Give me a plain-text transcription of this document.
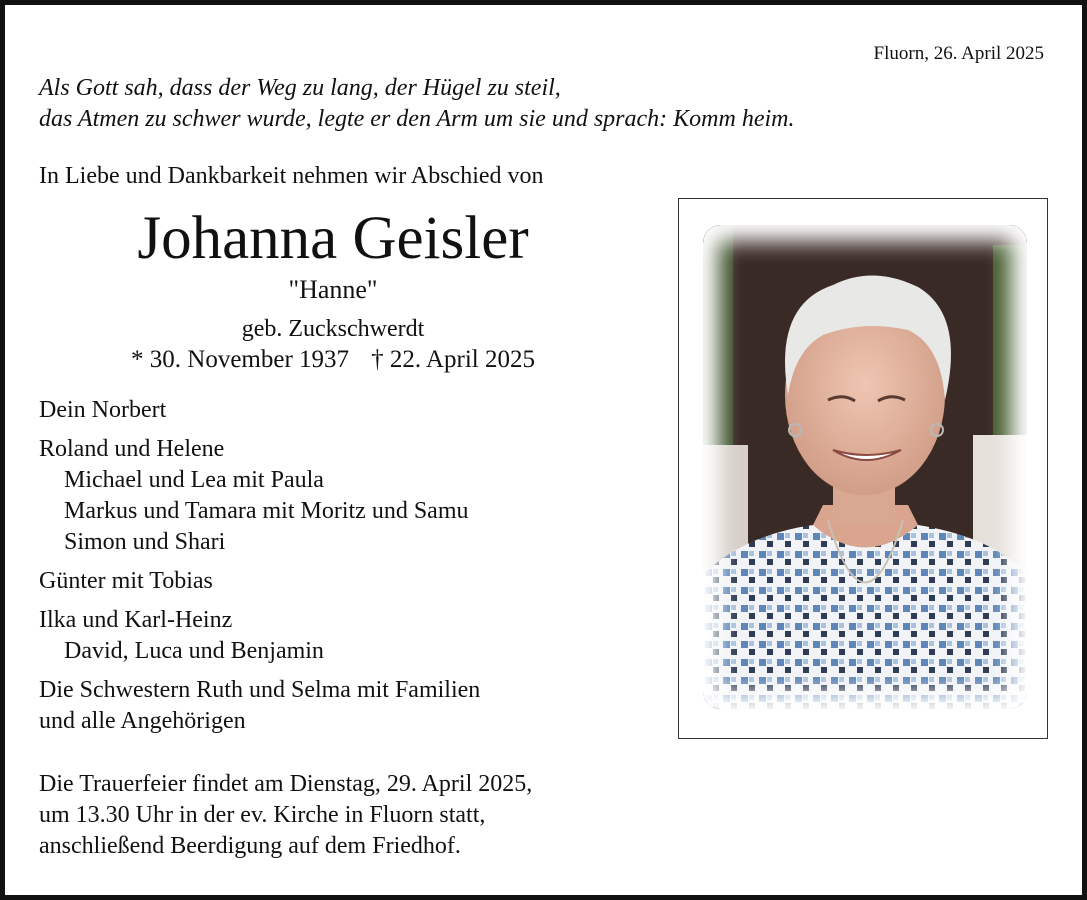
Fluorn, 26. April 2025
Als Gott sah, dass der Weg zu lang, der Hügel zu steil,
das Atmen zu schwer wurde, legte er den Arm um sie und sprach: Komm heim.
In Liebe und Dankbarkeit nehmen wir Abschied von
Johanna Geisler
"Hanne"
geb. Zuckschwerdt
* 30. November 1937 † 22. April 2025
Dein Norbert
Roland und Helene
Michael und Lea mit Paula
Markus und Tamara mit Moritz und Samu
Simon und Shari
Günter mit Tobias
Ilka und Karl-Heinz
David, Luca und Benjamin
Die Schwestern Ruth und Selma mit Familien
und alle Angehörigen
Die Trauerfeier findet am Dienstag, 29. April 2025,
um 13.30 Uhr in der ev. Kirche in Fluorn statt,
anschließend Beerdigung auf dem Friedhof.
